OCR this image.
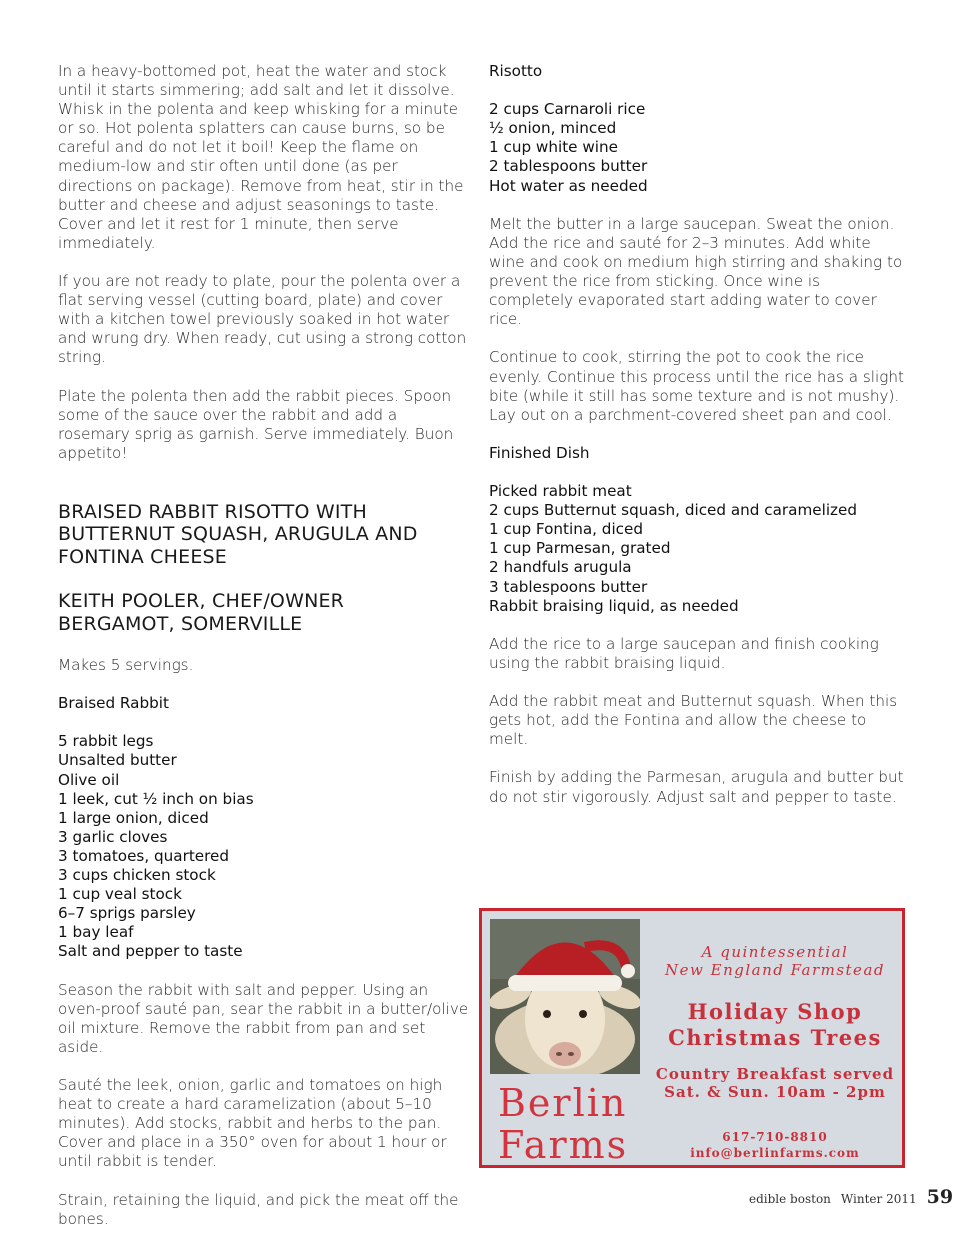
In a heavy-bottomed pot, heat the water and stock until it starts simmering; add salt and let it dissolve. Whisk in the polenta and keep whisking for a minute or so. Hot polenta splatters can cause burns, so be careful and do not let it boil! Keep the flame on medium-low and stir often until done (as per directions on package). Remove from heat, stir in the butter and cheese and adjust seasonings to taste. Cover and let it rest for 1 minute, then serve immediately.

If you are not ready to plate, pour the polenta over a flat serving vessel (cutting board, plate) and cover with a kitchen towel previously soaked in hot water and wrung dry. When ready, cut using a strong cotton string.

Plate the polenta then add the rabbit pieces. Spoon some of the sauce over the rabbit and add a rosemary sprig as garnish. Serve immediately. Buon appetito!

BRAISED RABBIT RISOTTO WITH
BUTTERNUT SQUASH, ARUGULA AND
FONTINA CHEESE
KEITH POOLER, CHEF/OWNER
BERGAMOT, SOMERVILLE

Makes 5 servings.

Braised Rabbit

5 rabbit legs
Unsalted butter
Olive oil
1 leek, cut ½ inch on bias
1 large onion, diced
3 garlic cloves
3 tomatoes, quartered
3 cups chicken stock
1 cup veal stock
6–7 sprigs parsley
1 bay leaf
Salt and pepper to taste

Season the rabbit with salt and pepper. Using an oven-proof sauté pan, sear the rabbit in a butter/olive oil mixture. Remove the rabbit from pan and set aside.

Sauté the leek, onion, garlic and tomatoes on high heat to create a hard caramelization (about 5–10 minutes). Add stocks, rabbit and herbs to the pan. Cover and place in a 350° oven for about 1 hour or until rabbit is tender.

Strain, retaining the liquid, and pick the meat off the bones.

Risotto

2 cups Carnaroli rice
½ onion, minced
1 cup white wine
2 tablespoons butter
Hot water as needed

Melt the butter in a large saucepan. Sweat the onion. Add the rice and sauté for 2–3 minutes. Add white wine and cook on medium high stirring and shaking to prevent the rice from sticking. Once wine is completely evaporated start adding water to cover rice.

Continue to cook, stirring the pot to cook the rice evenly. Continue this process until the rice has a slight bite (while it still has some texture and is not mushy). Lay out on a parchment-covered sheet pan and cool.

Finished Dish

Picked rabbit meat
2 cups Butternut squash, diced and caramelized
1 cup Fontina, diced
1 cup Parmesan, grated
2 handfuls arugula
3 tablespoons butter
Rabbit braising liquid, as needed

Add the rice to a large saucepan and finish cooking using the rabbit braising liquid.

Add the rabbit meat and Butternut squash. When this gets hot, add the Fontina and allow the cheese to melt.

Finish by adding the Parmesan, arugula and butter but do not stir vigorously. Adjust salt and pepper to taste.

Berlin
Farms
A quintessential
New England Farmstead
Holiday Shop
Christmas Trees
Country Breakfast served
Sat. & Sun. 10am - 2pm
617-710-8810
info@berlinfarms.com
edible boston Winter 2011 59
